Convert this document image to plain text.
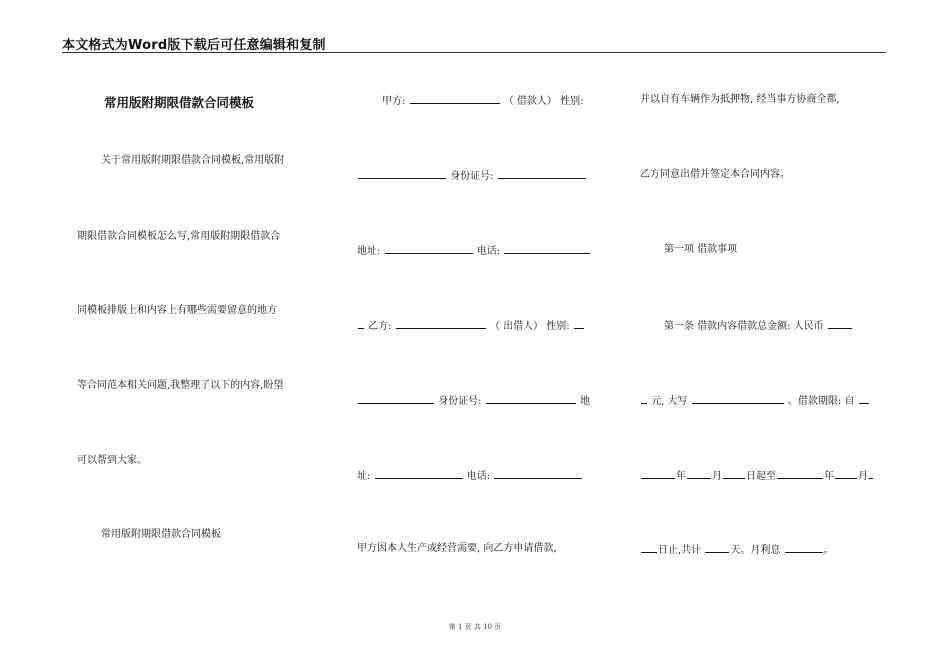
本文格式为Word版下载后可任意编辑和复制
常用版附期限借款合同模板
关于常用版附期限借款合同模板,常用版附
期限借款合同模板怎么写,常用版附期限借款合
同模板排版上和内容上有哪些需要留意的地方
等合同范本相关问题,我整理了以下的内容,盼望
可以帮到大家。
常用版附期限借款合同模板
甲方:	（ 借款人） 性别:
身份证号:
地址:	电话:
乙方:	（ 出借人） 性别:
身份证号:	地
址:	电话:
甲方因本人生产或经营需要, 向乙方申请借款,
并以自有车辆作为抵押物, 经当事方协商全都,
乙方同意出借并签定本合同内容。
第一项 借款事项
第一条 借款内容借款总金额: 人民币
元, 大写	。借款期限: 自
年	月 日起至	年 月
日止,共计	天。月利息	。
第 1 页 共 10 页
